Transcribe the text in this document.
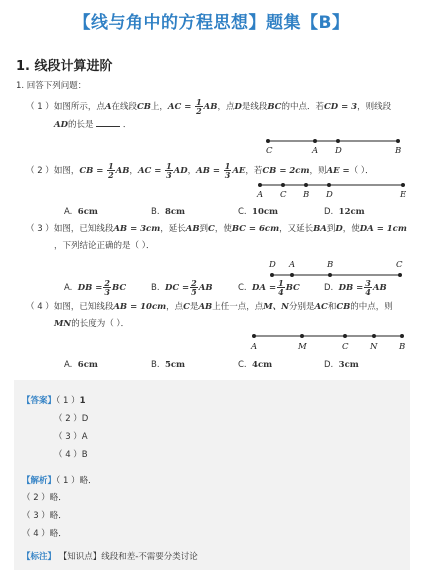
【线与角中的方程思想】题集【B】
1. 线段计算进阶
1. 回答下列问题：
（ 1 ）如图所示，点A在线段CB上，AC = $\frac{1}{2}$ AB，点D是线段BC的中点．若CD = 3，则线段
AD的长是	．
C	A D	B
（ 2 ）如图，CB = $\frac{1}{2}$ AB，AC = $\frac{1}{3}$ AD，AB = $\frac{1}{3}$ AE，若CB = 2cm，则AE =（ ）．
A C B D	E
A. 6cm	B. 8cm	C. 10cm	D. 12cm
（ 3 ）如图，已知线段AB = 3cm，延长AB到C，使BC = 6cm，又延长BA到D，使DA = 1cm
，下列结论正确的是（ ）．
D A	B	C
A. DB = $\frac{2}{3}$ BC	B. DC = $\frac{2}{5}$ AB	C. DA = $\frac{1}{4}$ BC	D. DB = $\frac{3}{4}$ AB
（ 4 ）如图，已知线段AB = 10cm，点C是AB上任一点，点M、N分别是AC和CB的中点，则
MN的长度为（ ）．
A	M	C	N	B
A. 6cm	B. 5cm	C. 4cm	D. 3cm
【答案】（ 1 ）1
（ 2 ）D
（ 3 ）A
（ 4 ）B
【解析】（ 1 ）略．
（ 2 ）略．
（ 3 ）略．
（ 4 ）略．
【标注】 【知识点】线段和差-不需要分类讨论
